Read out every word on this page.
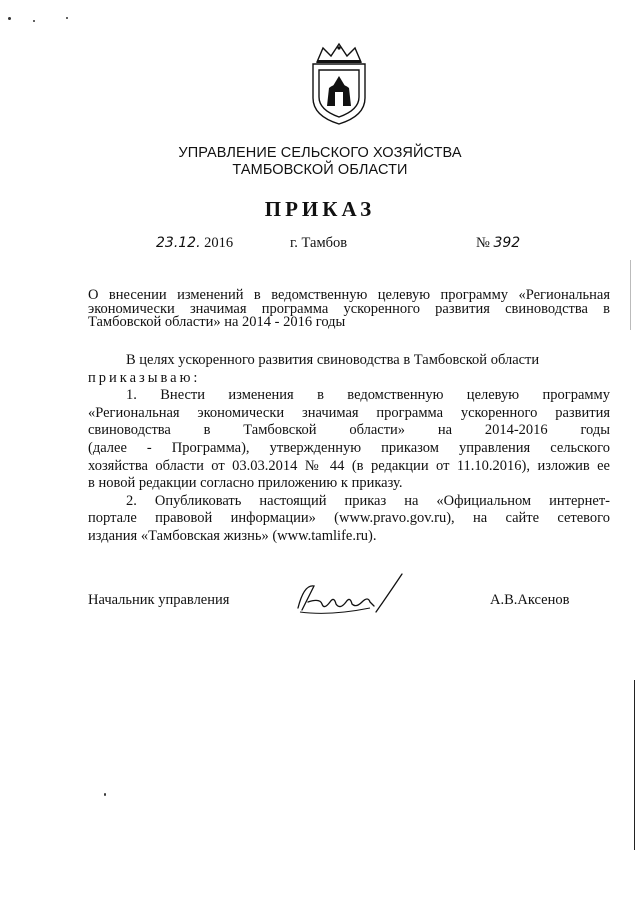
УПРАВЛЕНИЕ СЕЛЬСКОГО ХОЗЯЙСТВА
ТАМБОВСКОЙ ОБЛАСТИ
ПРИКАЗ
23.12. 2016	г. Тамбов	№ 392
О внесении изменений в ведомственную целевую программу «Региональная
экономически значимая программа ускоренного развития свиноводства в
Тамбовской области» на 2014 - 2016 годы
В целях ускоренного развития свиноводства в Тамбовской области
приказываю:
1. Внести изменения в ведомственную целевую программу
«Региональная экономически значимая программа ускоренного развития
свиноводства в Тамбовской области» на 2014-2016 годы
(далее - Программа), утвержденную приказом управления сельского
хозяйства области от 03.03.2014 № 44 (в редакции от 11.10.2016), изложив ее
в новой редакции согласно приложению к приказу.
2. Опубликовать настоящий приказ на «Официальном интернет-
портале правовой информации» (www.pravo.gov.ru), на сайте сетевого
издания «Тамбовская жизнь» (www.tamlife.ru).
Начальник управления	А.В.Аксенов
